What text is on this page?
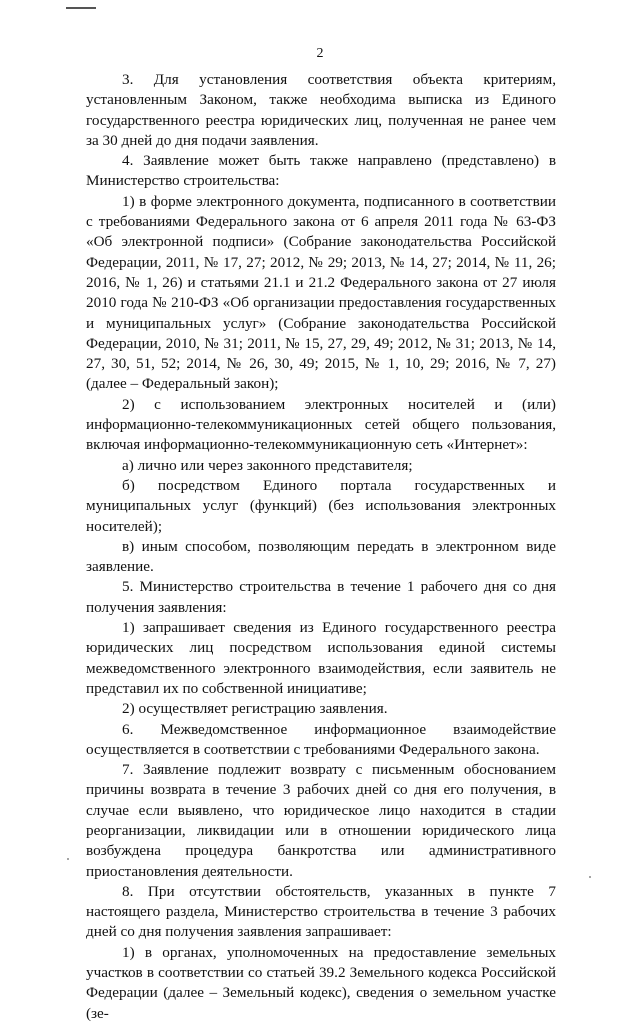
2

3. Для установления соответствия объекта критериям, установленным Законом, также необходима выписка из Единого государственного реестра юридических лиц, полученная не ранее чем за 30 дней до дня подачи заявления.

4. Заявление может быть также направлено (представлено) в Министерство строительства:

1) в форме электронного документа, подписанного в соответствии с требованиями Федерального закона от 6 апреля 2011 года № 63-ФЗ «Об электронной подписи» (Собрание законодательства Российской Федерации, 2011, № 17, 27; 2012, № 29; 2013, № 14, 27; 2014, № 11, 26; 2016, № 1, 26) и статьями 21.1 и 21.2 Федерального закона от 27 июля 2010 года № 210-ФЗ «Об организации предоставления государственных и муниципальных услуг» (Собрание законодательства Российской Федерации, 2010, № 31; 2011, № 15, 27, 29, 49; 2012, № 31; 2013, № 14, 27, 30, 51, 52; 2014, № 26, 30, 49; 2015, № 1, 10, 29; 2016, № 7, 27) (далее – Федеральный закон);

2) с использованием электронных носителей и (или) информационно-телекоммуникационных сетей общего пользования, включая информационно-телекоммуникационную сеть «Интернет»:

а) лично или через законного представителя;

б) посредством Единого портала государственных и муниципальных услуг (функций) (без использования электронных носителей);

в) иным способом, позволяющим передать в электронном виде заявление.

5. Министерство строительства в течение 1 рабочего дня со дня получения заявления:

1) запрашивает сведения из Единого государственного реестра юридических лиц посредством использования единой системы межведомственного электронного взаимодействия, если заявитель не представил их по собственной инициативе;

2) осуществляет регистрацию заявления.

6. Межведомственное информационное взаимодействие осуществляется в соответствии с требованиями Федерального закона.

7. Заявление подлежит возврату с письменным обоснованием причины возврата в течение 3 рабочих дней со дня его получения, в случае если выявлено, что юридическое лицо находится в стадии реорганизации, ликвидации или в отношении юридического лица возбуждена процедура банкротства или административного приостановления деятельности.

8. При отсутствии обстоятельств, указанных в пункте 7 настоящего раздела, Министерство строительства в течение 3 рабочих дней со дня получения заявления запрашивает:

1) в органах, уполномоченных на предоставление земельных участков в соответствии со статьей 39.2 Земельного кодекса Российской Федерации (далее – Земельный кодекс), сведения о земельном участке (зе-
